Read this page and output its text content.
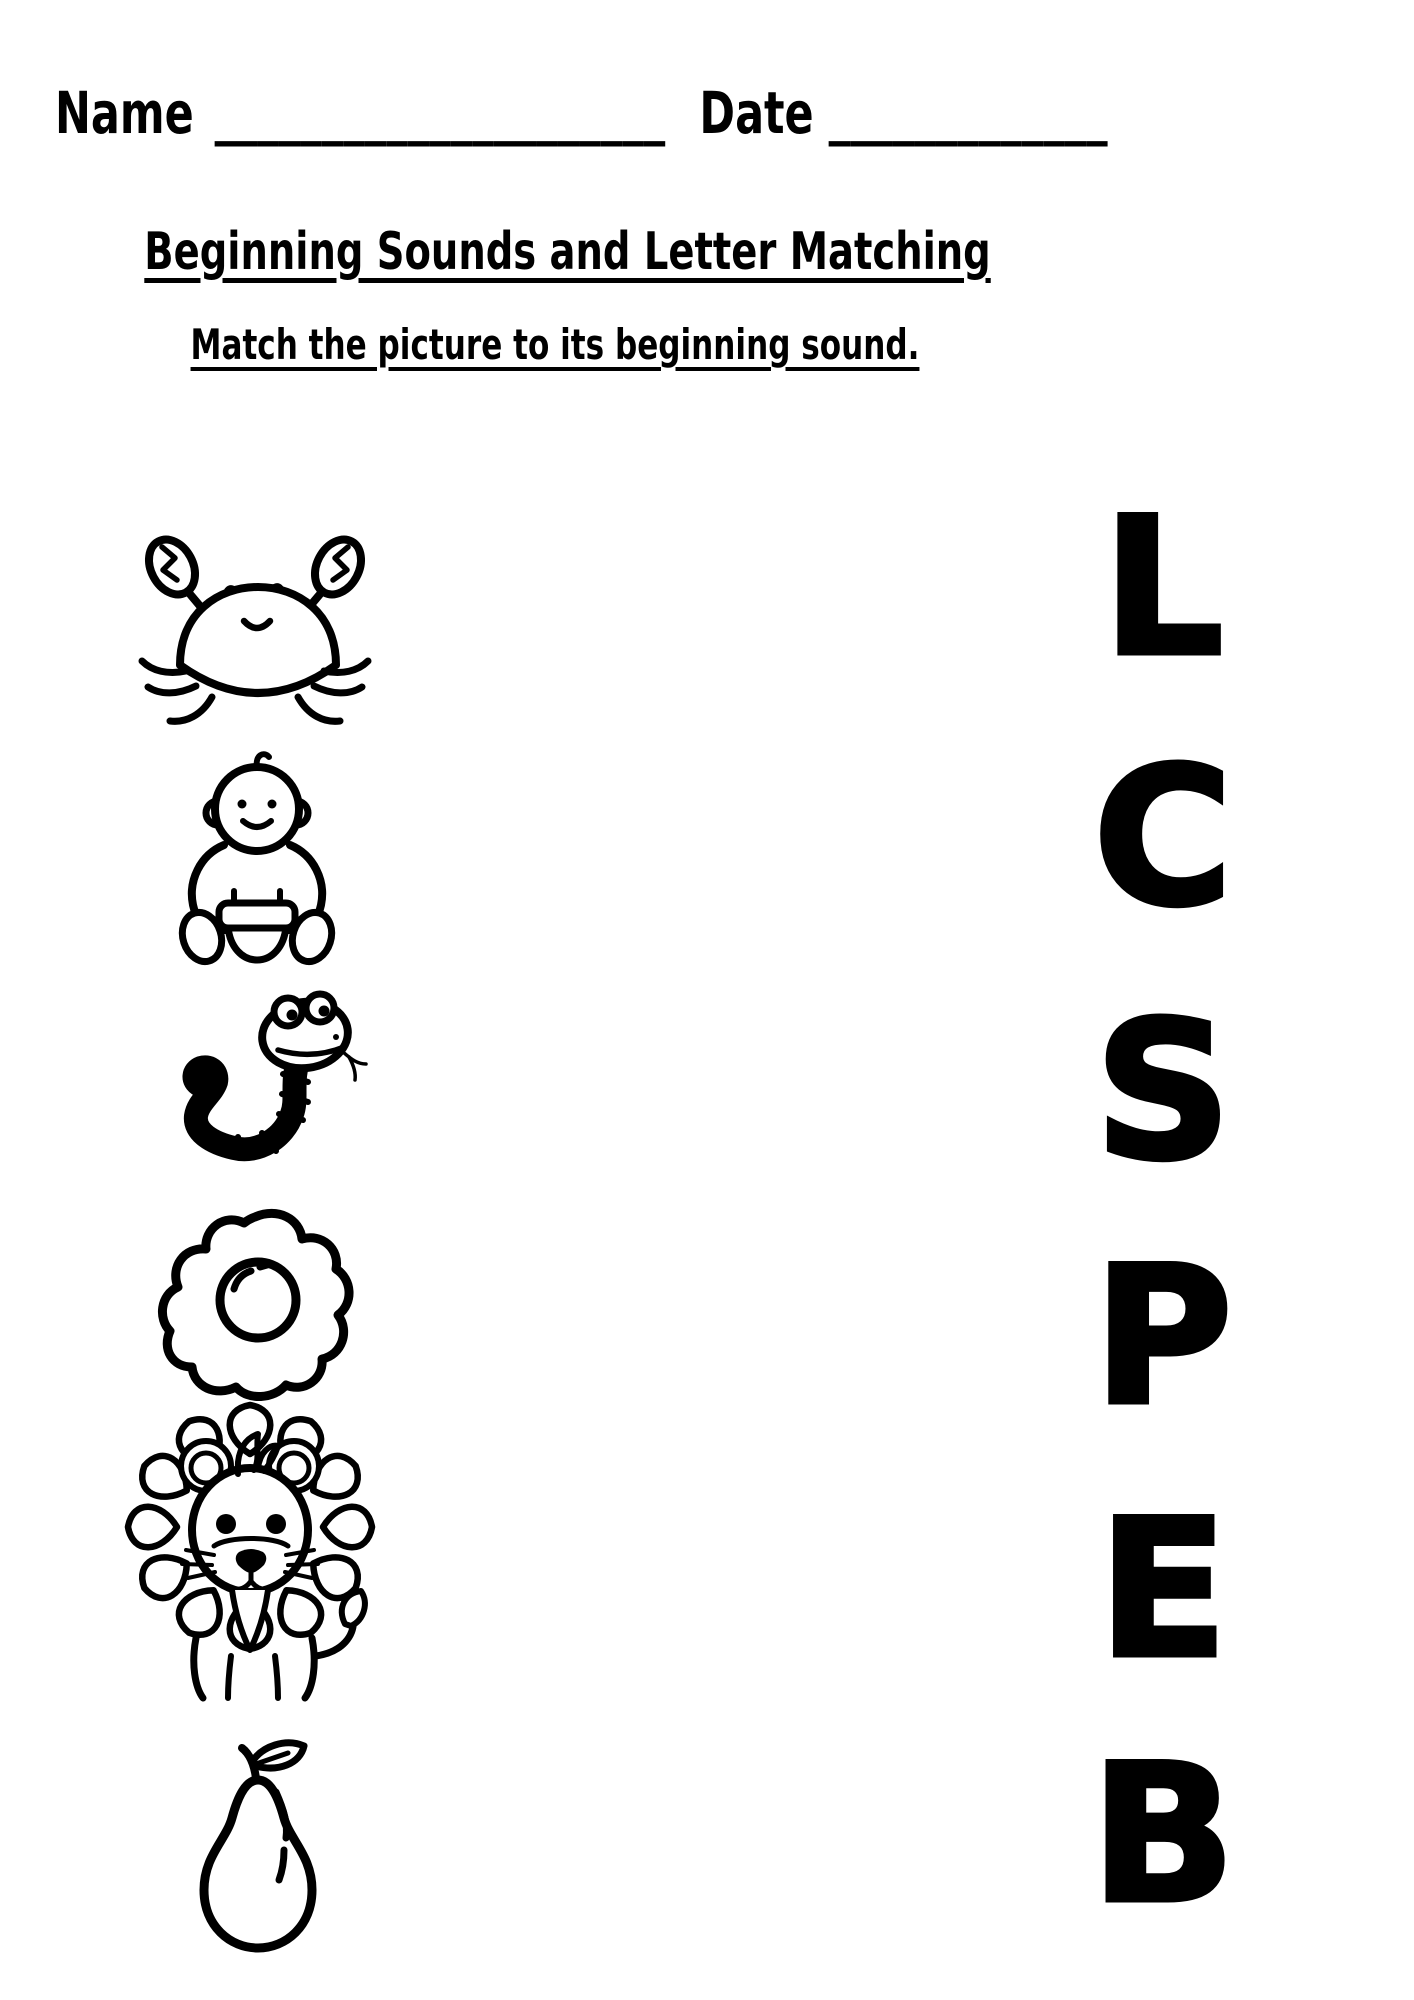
Name _____________________ Date _____________
Beginning Sounds and Letter Matching
Match the picture to its beginning sound.
L
C
S
P
E
B
